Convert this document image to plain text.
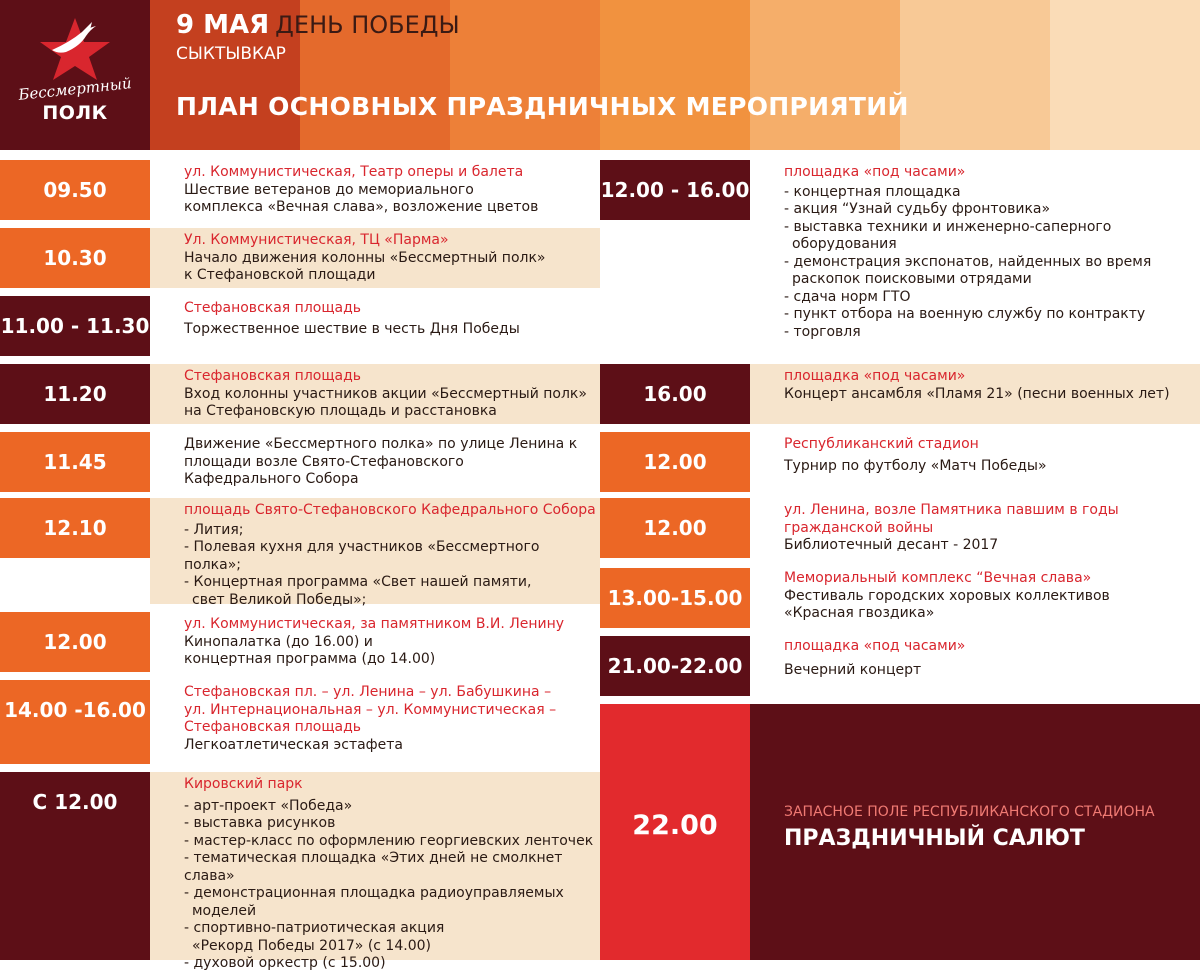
Бессмертный
ПОЛК
9 МАЯ ДЕНЬ ПОБЕДЫ
СЫКТЫВКАР
ПЛАН ОСНОВНЫХ ПРАЗДНИЧНЫХ МЕРОПРИЯТИЙ
09.50
ул. Коммунистическая, Театр оперы и балета
Шествие ветеранов до мемориального
комплекса «Вечная слава», возложение цветов
10.30
Ул. Коммунистическая, ТЦ «Парма»
Начало движения колонны «Бессмертный полк»
к Стефановской площади
11.00 - 11.30
Стефановская площадь
Торжественное шествие в честь Дня Победы
11.20
Стефановская площадь
Вход колонны участников акции «Бессмертный полк»
на Стефановскую площадь и расстановка
11.45
Движение «Бессмертного полка» по улице Ленина к
площади возле Свято-Стефановского
Кафедрального Собора
12.10
площадь Свято-Стефановского Кафедрального Собора
- Лития;
- Полевая кухня для участников «Бессмертного полка»;
- Концертная программа «Свет нашей памяти,
свет Великой Победы»;
12.00
ул. Коммунистическая, за памятником В.И. Ленину
Кинопалатка (до 16.00) и
концертная программа (до 14.00)
14.00 -16.00
Стефановская пл. – ул. Ленина – ул. Бабушкина –
ул. Интернациональная – ул. Коммунистическая –
Стефановская площадь
Легкоатлетическая эстафета
С 12.00
Кировский парк
- арт-проект «Победа»
- выставка рисунков
- мастер-класс по оформлению георгиевских ленточек
- тематическая площадка «Этих дней не смолкнет слава»
- демонстрационная площадка радиоуправляемых
моделей
- спортивно-патриотическая акция
«Рекорд Победы 2017» (с 14.00)
- духовой оркестр (с 15.00)
12.00 - 16.00
площадка «под часами»
- концертная площадка
- акция “Узнай судьбу фронтовика»
- выставка техники и инженерно-саперного
оборудования
- демонстрация экспонатов, найденных во время
раскопок поисковыми отрядами
- сдача норм ГТО
- пункт отбора на военную службу по контракту
- торговля
16.00
площадка «под часами»
Концерт ансамбля «Пламя 21» (песни военных лет)
12.00
Республиканский стадион
Турнир по футболу «Матч Победы»
12.00
ул. Ленина, возле Памятника павшим в годы
гражданской войны
Библиотечный десант - 2017
13.00-15.00
Мемориальный комплекс “Вечная слава»
Фестиваль городских хоровых коллективов
«Красная гвоздика»
21.00-22.00
площадка «под часами»
Вечерний концерт
22.00	ЗАПАСНОЕ ПОЛЕ РЕСПУБЛИКАНСКОГО СТАДИОНА
ПРАЗДНИЧНЫЙ САЛЮТ
